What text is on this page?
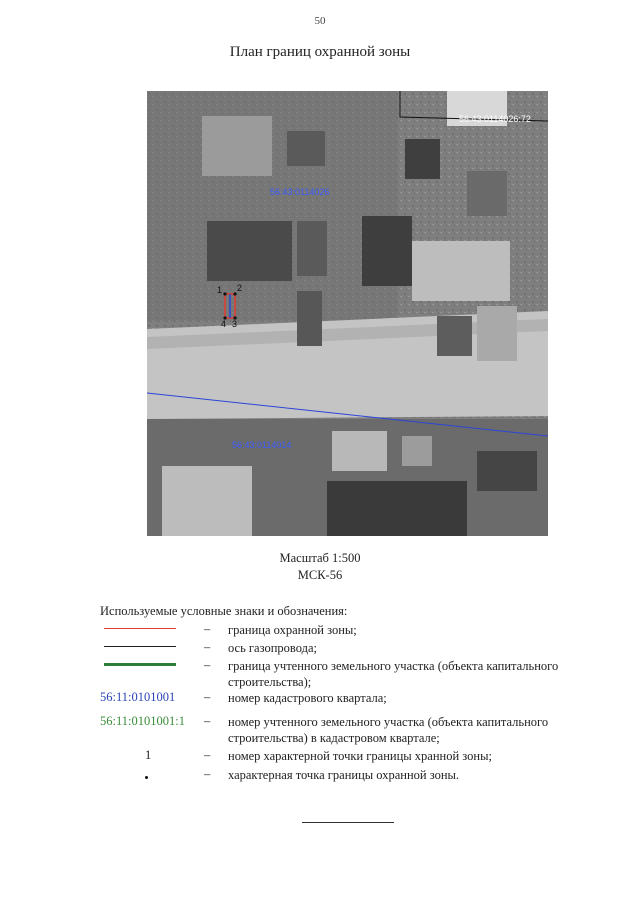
50
План границ охранной зоны
1 2
3
4
56:43:0114026
56:43:0114014
56:43:0114026:72
Масштаб 1:500
МСК-56
Используемые условные знаки и обозначения:
– граница охранной зоны;
– ось газопровода;
– граница учтенного земельного участка (объекта капитального строительства);
56:11:0101001 – номер кадастрового квартала;
56:11:0101001:1 – номер учтенного земельного участка (объекта капитального строительства) в кадастровом квартале;
1	– номер характерной точки границы хранной зоны;
– характерная точка границы охранной зоны.
